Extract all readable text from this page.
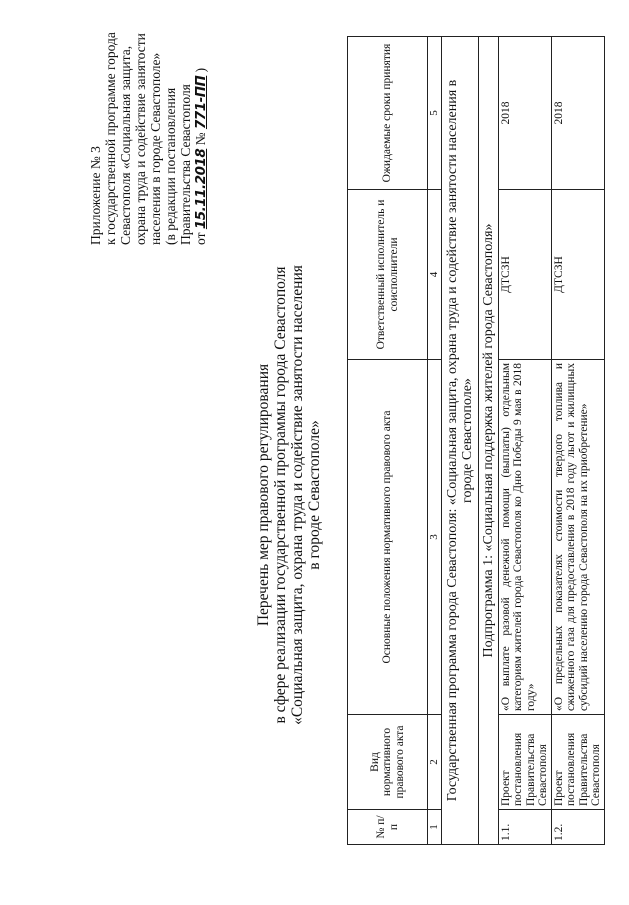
Приложение № 3 к государственной программе города Севастополя «Социальная защита, охрана труда и содействие занятости населения в городе Севастополе» (в редакции постановления Правительства Севастополя от 15.11.2018 № 771-ПП )
Перечень мер правового регулирования в сфере реализации государственной программы города Севастополя «Социальная защита, охрана труда и содействие занятости населения в городе Севастополе»
№ п/п	Вид нормативного правового акта	Основные положения нормативного правового акта	Ответственный исполнитель и соисполнители	Ожидаемые сроки принятия
1	2	3	4	5
Государственная программа города Севастополя: «Социальная защита, охрана труда и содействие занятости населения в городе Севастополе»				
Подпрограмма 1: «Социальная поддержка жителей города Севастополя»				
1.1.	Проект постановления Правительства Севастополя	«О выплате разовой денежной помощи (выплаты) отдельным категориям жителей города Севастополя ко Дню Победы 9 мая в 2018 году»	ДТСЗН	2018
1.2.	Проект постановления Правительства Севастополя	«О предельных показателях стоимости твердого топлива и сжиженного газа для предоставления в 2018 году льгот и жилищных субсидий населению города Севастополя на их приобретение»	ДТСЗН	2018
